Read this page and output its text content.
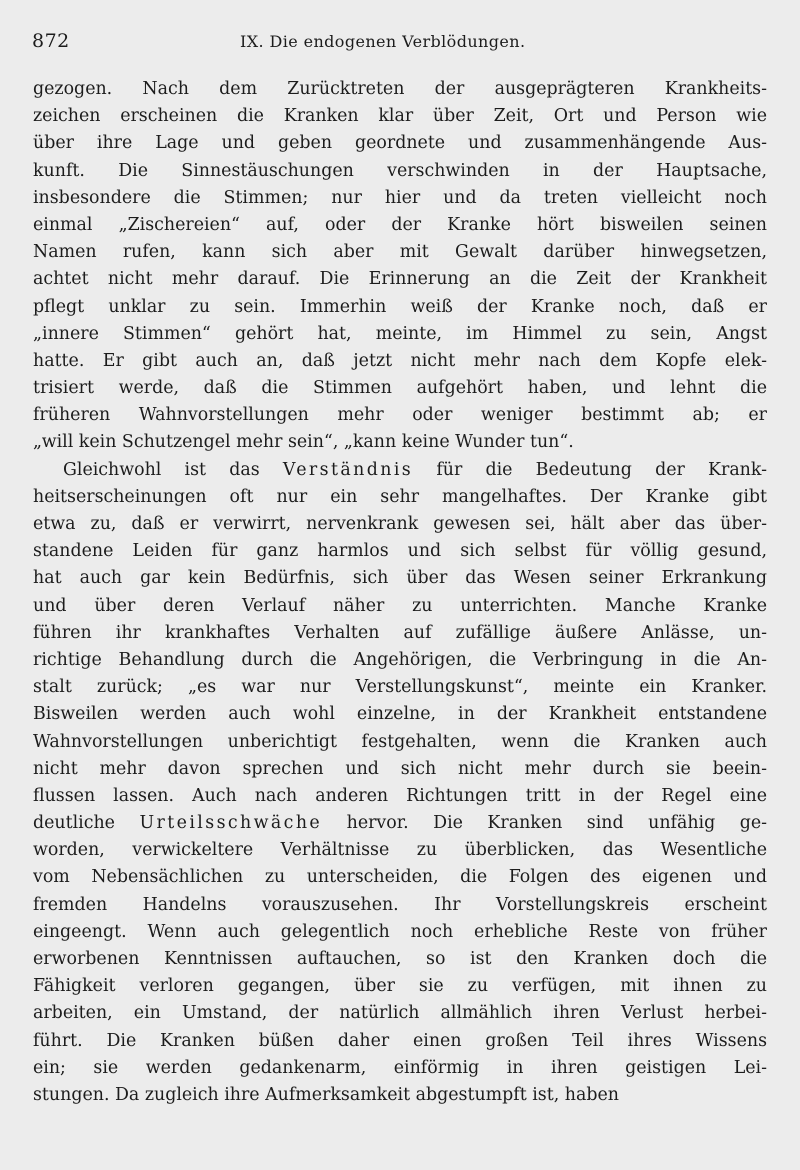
872	IX. Die endogenen Verblödungen.
gezogen. Nach dem Zurücktreten der ausgeprägteren Krankheits-
zeichen erscheinen die Kranken klar über Zeit, Ort und Person wie
über ihre Lage und geben geordnete und zusammenhängende Aus-
kunft. Die Sinnestäuschungen verschwinden in der Hauptsache,
insbesondere die Stimmen; nur hier und da treten vielleicht noch
einmal „Zischereien“ auf, oder der Kranke hört bisweilen seinen
Namen rufen, kann sich aber mit Gewalt darüber hinwegsetzen,
achtet nicht mehr darauf. Die Erinnerung an die Zeit der Krankheit
pflegt unklar zu sein. Immerhin weiß der Kranke noch, daß er
„innere Stimmen“ gehört hat, meinte, im Himmel zu sein, Angst
hatte. Er gibt auch an, daß jetzt nicht mehr nach dem Kopfe elek-
trisiert werde, daß die Stimmen aufgehört haben, und lehnt die
früheren Wahnvorstellungen mehr oder weniger bestimmt ab; er
„will kein Schutzengel mehr sein“, „kann keine Wunder tun“.
Gleichwohl ist das Verständnis für die Bedeutung der Krank-
heitserscheinungen oft nur ein sehr mangelhaftes. Der Kranke gibt
etwa zu, daß er verwirrt, nervenkrank gewesen sei, hält aber das über-
standene Leiden für ganz harmlos und sich selbst für völlig gesund,
hat auch gar kein Bedürfnis, sich über das Wesen seiner Erkrankung
und über deren Verlauf näher zu unterrichten. Manche Kranke
führen ihr krankhaftes Verhalten auf zufällige äußere Anlässe, un-
richtige Behandlung durch die Angehörigen, die Verbringung in die An-
stalt zurück; „es war nur Verstellungskunst“, meinte ein Kranker.
Bisweilen werden auch wohl einzelne, in der Krankheit entstandene
Wahnvorstellungen unberichtigt festgehalten, wenn die Kranken auch
nicht mehr davon sprechen und sich nicht mehr durch sie beein-
flussen lassen. Auch nach anderen Richtungen tritt in der Regel eine
deutliche Urteilsschwäche hervor. Die Kranken sind unfähig ge-
worden, verwickeltere Verhältnisse zu überblicken, das Wesentliche
vom Nebensächlichen zu unterscheiden, die Folgen des eigenen und
fremden Handelns vorauszusehen. Ihr Vorstellungskreis erscheint
eingeengt. Wenn auch gelegentlich noch erhebliche Reste von früher
erworbenen Kenntnissen auftauchen, so ist den Kranken doch die
Fähigkeit verloren gegangen, über sie zu verfügen, mit ihnen zu
arbeiten, ein Umstand, der natürlich allmählich ihren Verlust herbei-
führt. Die Kranken büßen daher einen großen Teil ihres Wissens
ein; sie werden gedankenarm, einförmig in ihren geistigen Lei-
stungen. Da zugleich ihre Aufmerksamkeit abgestumpft ist, haben
